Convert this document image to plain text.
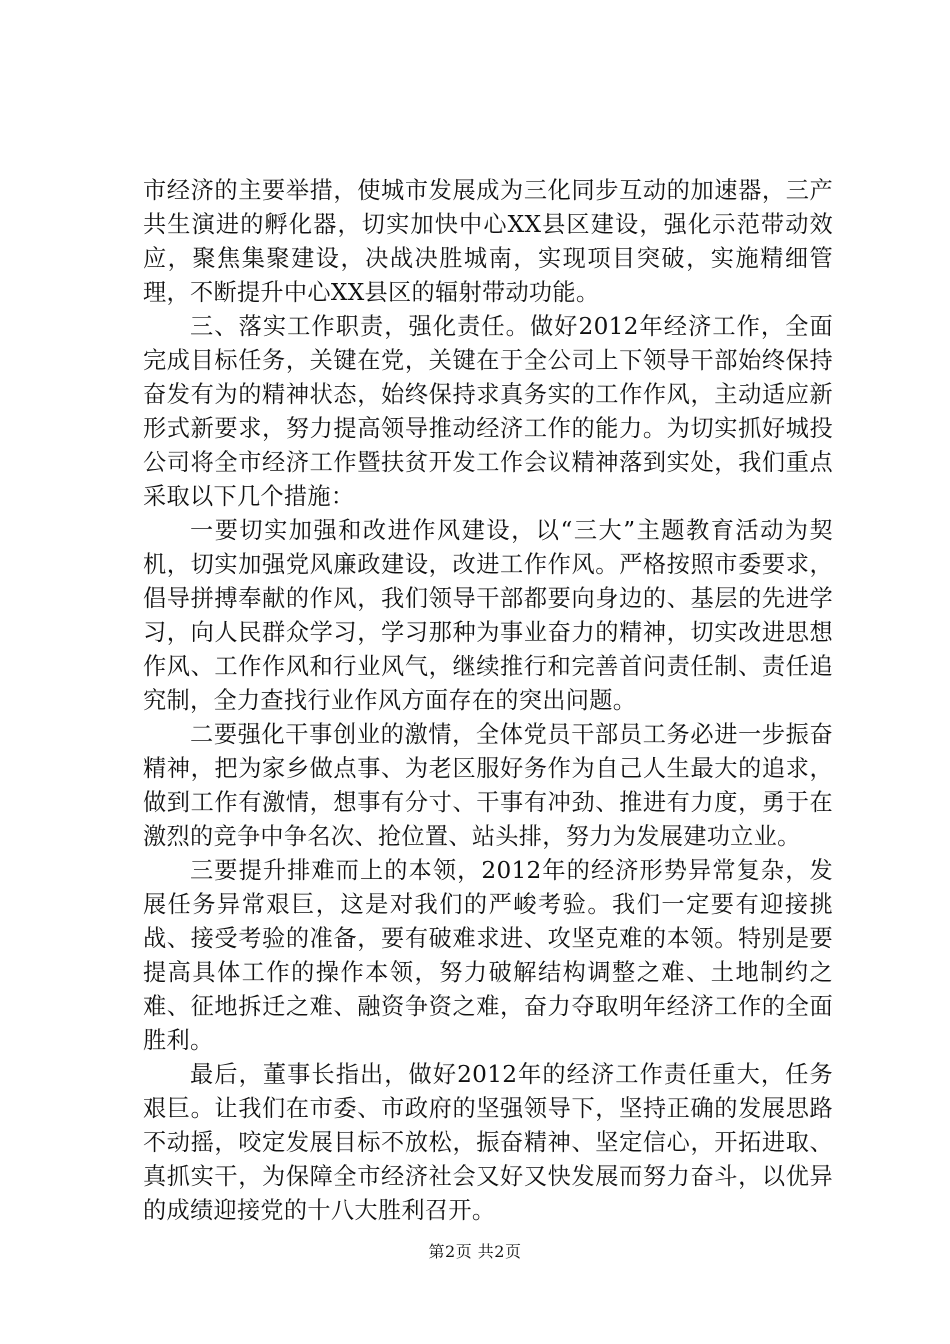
市经济的主要举措，使城市发展成为三化同步互动的加速器，三产共生演进的孵化器，切实加快中心XX县区建设，强化示范带动效应，聚焦集聚建设，决战决胜城南，实现项目突破，实施精细管理，不断提升中心XX县区的辐射带动功能。

三、落实工作职责，强化责任。做好2012年经济工作，全面完成目标任务，关键在党，关键在于全公司上下领导干部始终保持奋发有为的精神状态，始终保持求真务实的工作作风，主动适应新形式新要求，努力提高领导推动经济工作的能力。为切实抓好城投公司将全市经济工作暨扶贫开发工作会议精神落到实处，我们重点采取以下几个措施：

一要切实加强和改进作风建设，以“三大”主题教育活动为契机，切实加强党风廉政建设，改进工作作风。严格按照市委要求，倡导拼搏奉献的作风，我们领导干部都要向身边的、基层的先进学习，向人民群众学习，学习那种为事业奋力的精神，切实改进思想作风、工作作风和行业风气，继续推行和完善首问责任制、责任追究制，全力查找行业作风方面存在的突出问题。

二要强化干事创业的激情，全体党员干部员工务必进一步振奋精神，把为家乡做点事、为老区服好务作为自己人生最大的追求，做到工作有激情，想事有分寸、干事有冲劲、推进有力度，勇于在激烈的竞争中争名次、抢位置、站头排，努力为发展建功立业。

三要提升排难而上的本领，2012年的经济形势异常复杂，发展任务异常艰巨，这是对我们的严峻考验。我们一定要有迎接挑战、接受考验的准备，要有破难求进、攻坚克难的本领。特别是要提高具体工作的操作本领，努力破解结构调整之难、土地制约之难、征地拆迁之难、融资争资之难，奋力夺取明年经济工作的全面胜利。

最后，董事长指出，做好2012年的经济工作责任重大，任务艰巨。让我们在市委、市政府的坚强领导下，坚持正确的发展思路不动摇，咬定发展目标不放松，振奋精神、坚定信心，开拓进取、真抓实干，为保障全市经济社会又好又快发展而努力奋斗，以优异的成绩迎接党的十八大胜利召开。

第2页 共2页
